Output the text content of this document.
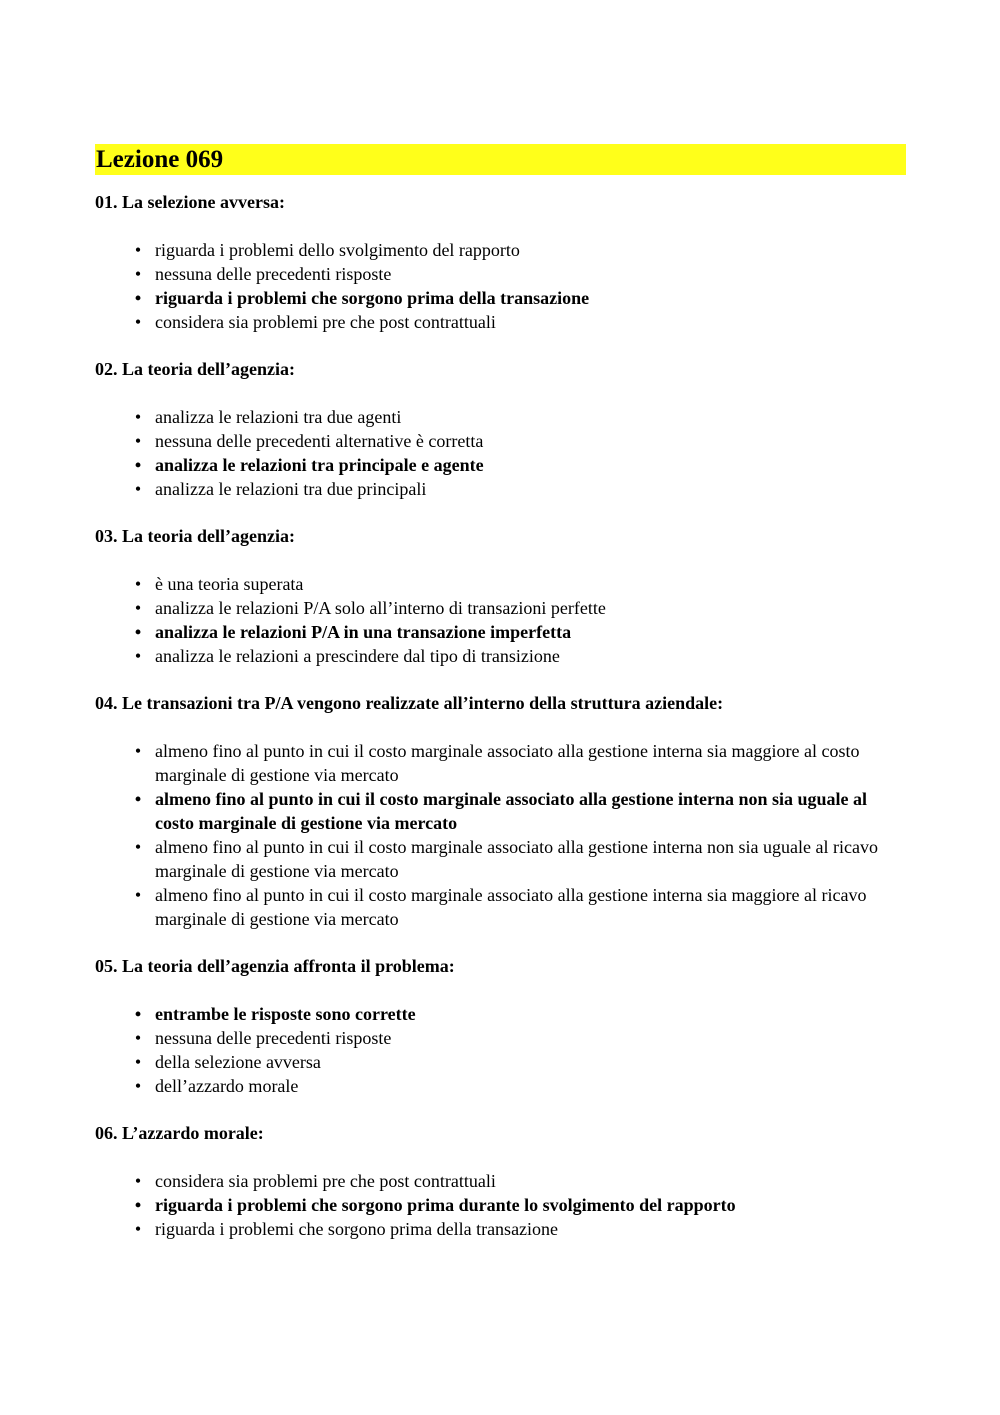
Lezione 069

01. La selezione avversa:

• riguarda i problemi dello svolgimento del rapporto
• nessuna delle precedenti risposte
• riguarda i problemi che sorgono prima della transazione
• considera sia problemi pre che post contrattuali

02. La teoria dell’agenzia:

• analizza le relazioni tra due agenti
• nessuna delle precedenti alternative è corretta
• analizza le relazioni tra principale e agente
• analizza le relazioni tra due principali

03. La teoria dell’agenzia:

• è una teoria superata
• analizza le relazioni P/A solo all’interno di transazioni perfette
• analizza le relazioni P/A in una transazione imperfetta
• analizza le relazioni a prescindere dal tipo di transizione

04. Le transazioni tra P/A vengono realizzate all’interno della struttura aziendale:

• almeno fino al punto in cui il costo marginale associato alla gestione interna sia maggiore al costo marginale di gestione via mercato
• almeno fino al punto in cui il costo marginale associato alla gestione interna non sia uguale al costo marginale di gestione via mercato
• almeno fino al punto in cui il costo marginale associato alla gestione interna non sia uguale al ricavo marginale di gestione via mercato
• almeno fino al punto in cui il costo marginale associato alla gestione interna sia maggiore al ricavo marginale di gestione via mercato

05. La teoria dell’agenzia affronta il problema:

• entrambe le risposte sono corrette
• nessuna delle precedenti risposte
• della selezione avversa
• dell’azzardo morale

06. L’azzardo morale:

• considera sia problemi pre che post contrattuali
• riguarda i problemi che sorgono prima durante lo svolgimento del rapporto
• riguarda i problemi che sorgono prima della transazione
